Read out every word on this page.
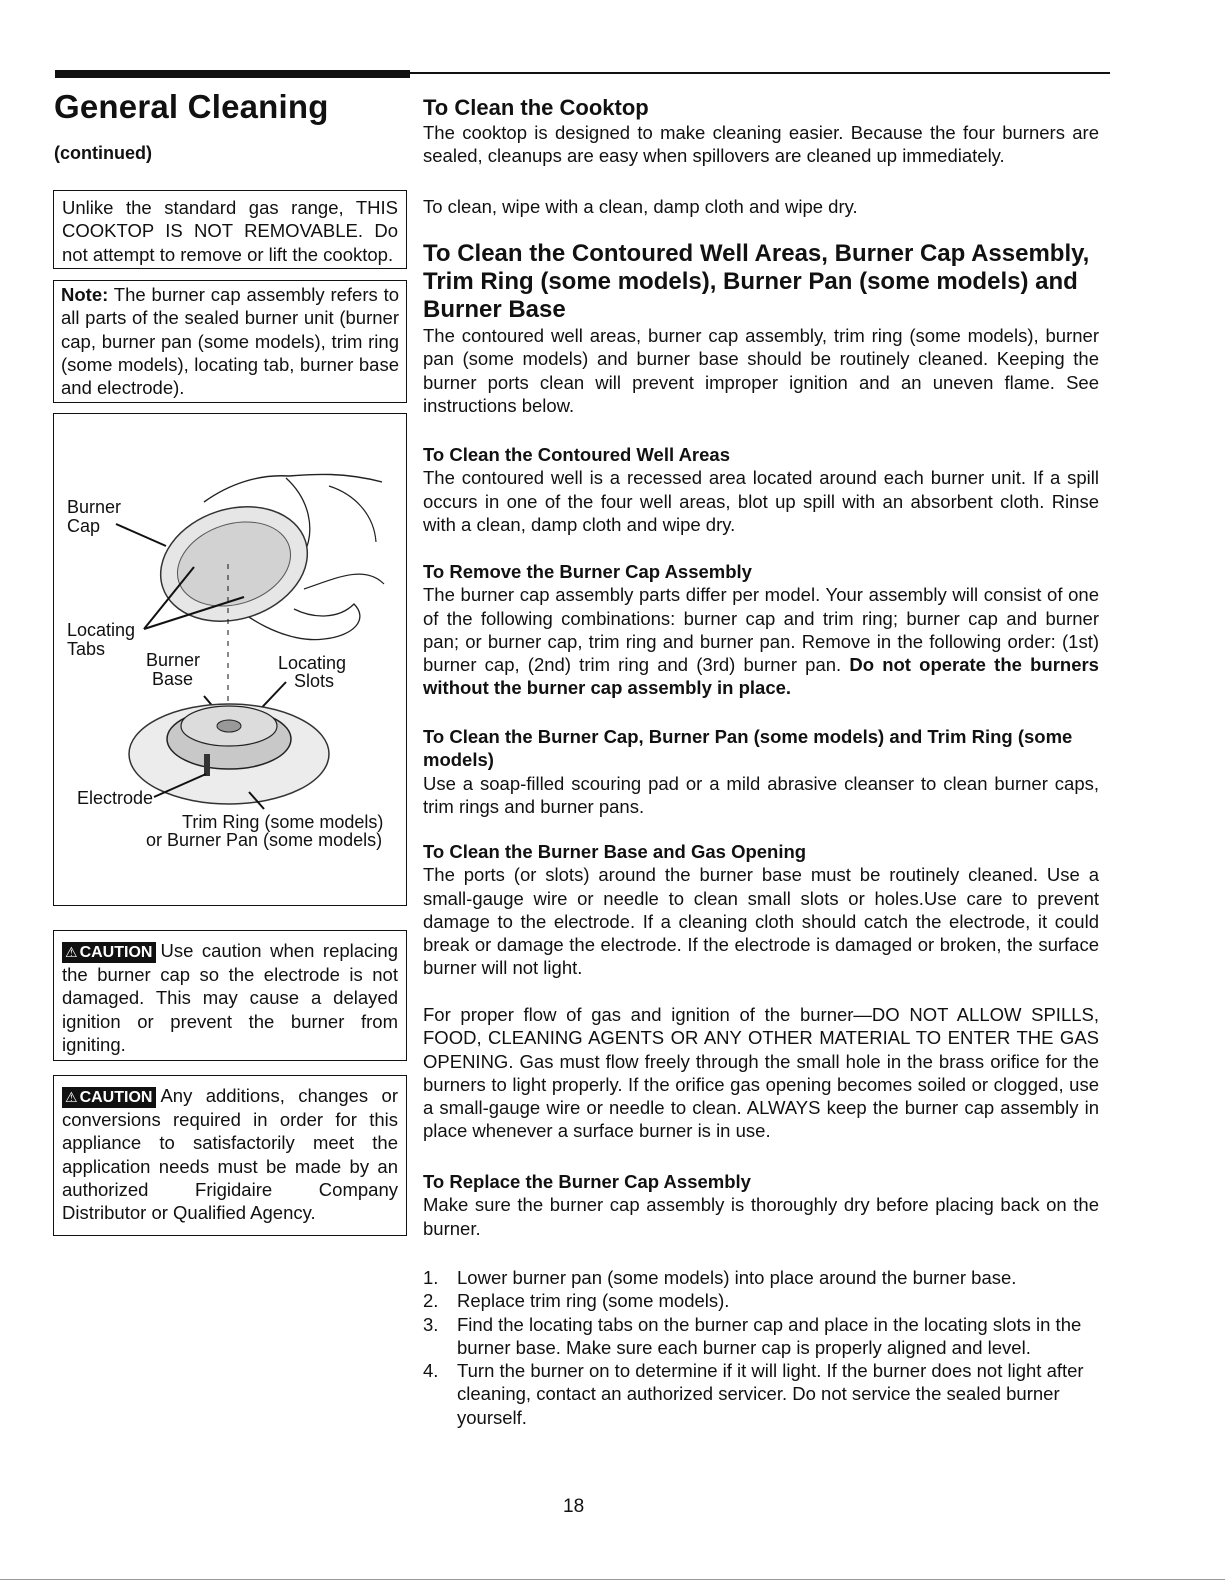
General Cleaning
(continued)

Unlike the standard gas range, THIS COOKTOP IS NOT REMOVABLE. Do not attempt to remove or lift the cooktop.

Note: The burner cap assembly refers to all parts of the sealed burner unit (burner cap, burner pan (some models), trim ring (some models), locating tab, burner base and electrode).

Burner
Cap
Locating
Tabs
Burner
Base
Locating
Slots
Electrode
Trim Ring (some models)
or Burner Pan (some models)

⚠ CAUTION Use caution when replacing the burner cap so the electrode is not damaged. This may cause a delayed ignition or prevent the burner from igniting.

⚠ CAUTION Any additions, changes or conversions required in order for this appliance to satisfactorily meet the application needs must be made by an authorized Frigidaire Company Distributor or Qualified Agency.

To Clean the Cooktop

The cooktop is designed to make cleaning easier. Because the four burners are sealed, cleanups are easy when spillovers are cleaned up immediately.

To clean, wipe with a clean, damp cloth and wipe dry.

To Clean the Contoured Well Areas, Burner Cap Assembly, Trim Ring (some models), Burner Pan (some models) and Burner Base

The contoured well areas, burner cap assembly, trim ring (some models), burner pan (some models) and burner base should be routinely cleaned. Keeping the burner ports clean will prevent improper ignition and an uneven flame. See instructions below.

To Clean the Contoured Well Areas

The contoured well is a recessed area located around each burner unit. If a spill occurs in one of the four well areas, blot up spill with an absorbent cloth. Rinse with a clean, damp cloth and wipe dry.

To Remove the Burner Cap Assembly

The burner cap assembly parts differ per model. Your assembly will consist of one of the following combinations: burner cap and trim ring; burner cap and burner pan; or burner cap, trim ring and burner pan. Remove in the following order: (1st) burner cap, (2nd) trim ring and (3rd) burner pan. Do not operate the burners without the burner cap assembly in place.

To Clean the Burner Cap, Burner Pan (some models) and Trim Ring (some models)

Use a soap-filled scouring pad or a mild abrasive cleanser to clean burner caps, trim rings and burner pans.

To Clean the Burner Base and Gas Opening

The ports (or slots) around the burner base must be routinely cleaned. Use a small-gauge wire or needle to clean small slots or holes.Use care to prevent damage to the electrode. If a cleaning cloth should catch the electrode, it could break or damage the electrode. If the electrode is damaged or broken, the surface burner will not light.

For proper flow of gas and ignition of the burner—DO NOT ALLOW SPILLS, FOOD, CLEANING AGENTS OR ANY OTHER MATERIAL TO ENTER THE GAS OPENING. Gas must flow freely through the small hole in the brass orifice for the burners to light properly. If the orifice gas opening becomes soiled or clogged, use a small-gauge wire or needle to clean. ALWAYS keep the burner cap assembly in place whenever a surface burner is in use.

To Replace the Burner Cap Assembly

Make sure the burner cap assembly is thoroughly dry before placing back on the burner.

1. Lower burner pan (some models) into place around the burner base.
2. Replace trim ring (some models).
3. Find the locating tabs on the burner cap and place in the locating slots in the burner base. Make sure each burner cap is properly aligned and level.
4. Turn the burner on to determine if it will light. If the burner does not light after cleaning, contact an authorized servicer. Do not service the sealed burner yourself.
18
